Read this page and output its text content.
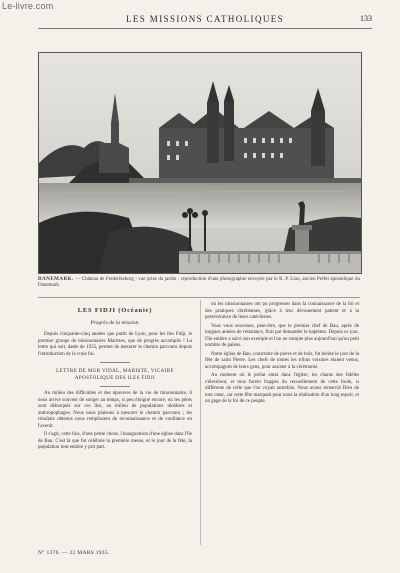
Le-livre.com
LES MISSIONS CATHOLIQUES	133
DANEMARK. — Château de Frederiksborg ; vue prise du jardin ; reproduction d'une photographie envoyée par le R. P. Lion, ancien Préfet apostolique du Danemark.
LES FIDJI (Océanie)
Progrès de la mission.

Depuis cinquante-cinq années que partit de Lyon, pour les îles Fidji, le premier groupe de missionnaires Maristes, que de progrès accomplis ! La lettre qui suit, datée de 1935, permet de mesurer le chemin parcouru depuis l'introduction de la vraie foi.

LETTRE DE MGR VIDAL, MARISTE, VICAIRE APOSTOLIQUE DES ILES FIDJI

Au milieu des difficultés et des épreuves de la vie de missionnaire, il nous arrive souvent de songer au temps, si peu éloigné encore, où les pères sont débarqués sur ces îles, au milieu de populations idolâtres et anthropophages. Nous nous plaisons à mesurer le chemin parcouru ; les résultats obtenus nous remplissent de reconnaissance et de confiance en l'avenir.

Il s'agit, cette fois, d'une petite chose, l'inauguration d'une église dans l'île de Bau. C'est là que fut célébrée la première messe, et le jour de la fête, la population tout entière y prit part.

où les missionnaires ont pu progresser dans la connaissance de la foi et des pratiques chrétiennes, grâce à leur dévouement patient et à la persévérance de leurs catéchistes.

Vous vous souvenez, peut-être, que le premier chef de Bau, après de longues années de résistance, finit par demander le baptême. Depuis ce jour, l'île entière a suivi son exemple et l'on ne compte plus aujourd'hui qu'un petit nombre de païens.

Notre église de Bau, construite de pierre et de bois, fut bénite le jour de la fête de saint Pierre. Les chefs de toutes les tribus voisines étaient venus, accompagnés de leurs gens, pour assister à la cérémonie.

Au moment où le prélat entra dans l'église, les chants des fidèles s'élevèrent, et tous furent frappés du recueillement de cette foule, si différente de celle que l'on voyait autrefois. Nous avons remercié Dieu de tout cœur, car cette fête marquait pour nous la réalisation d'un long espoir, et un gage de la foi de ce peuple.

N° 1376. — 22 MARS 1935.
